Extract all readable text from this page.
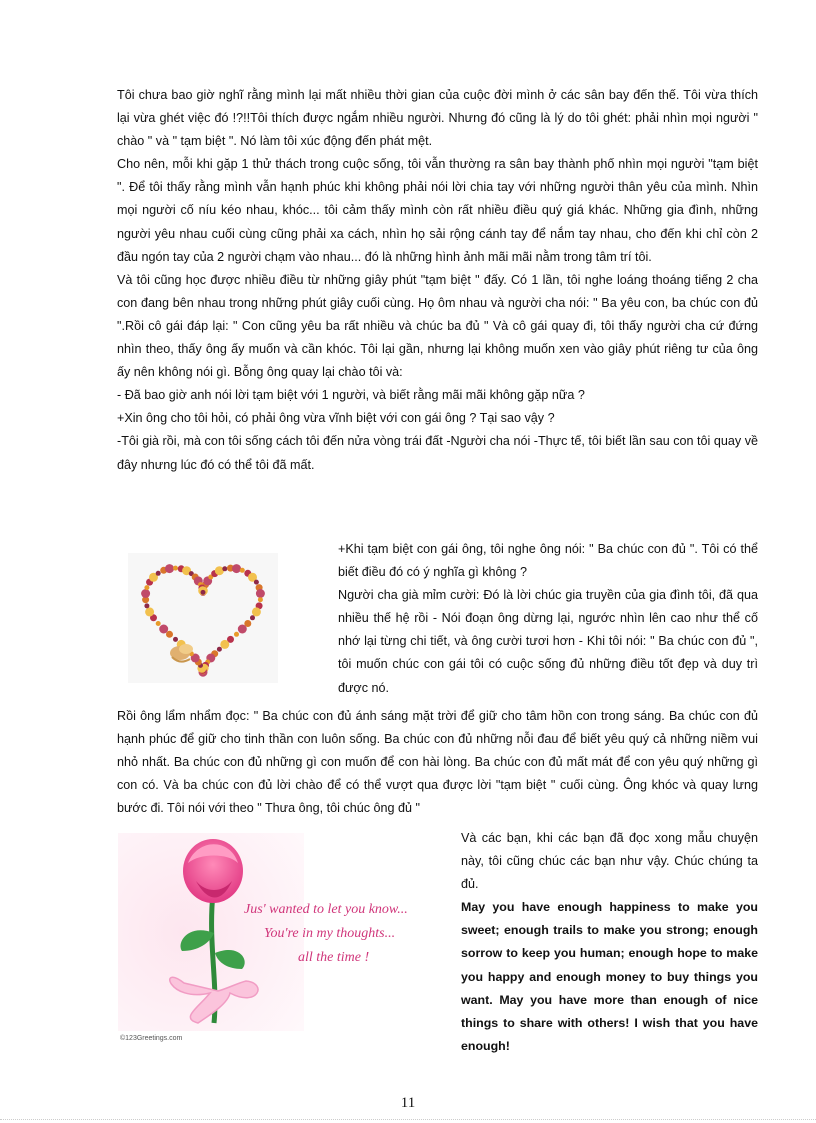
Tôi chưa bao giờ nghĩ rằng mình lại mất nhiều thời gian của cuộc đời mình ở các sân bay đến thế. Tôi vừa thích lại vừa ghét việc đó !?!!Tôi thích được ngắm nhiều người. Nhưng đó cũng là lý do tôi ghét: phải nhìn mọi người " chào " và " tạm biệt ". Nó làm tôi xúc động đến phát mệt.

Cho nên, mỗi khi gặp 1 thử thách trong cuộc sống, tôi vẫn thường ra sân bay thành phố nhìn mọi người "tạm biệt ". Để tôi thấy rằng mình vẫn hạnh phúc khi không phải nói lời chia tay với những người thân yêu của mình. Nhìn mọi người cố níu kéo nhau, khóc... tôi cảm thấy mình còn rất nhiều điều quý giá khác. Những gia đình, những người yêu nhau cuối cùng cũng phải xa cách, nhìn họ sải rộng cánh tay để nắm tay nhau, cho đến khi chỉ còn 2 đầu ngón tay của 2 người chạm vào nhau... đó là những hình ảnh mãi mãi nằm trong tâm trí tôi.

Và tôi cũng học được nhiều điều từ những giây phút "tạm biệt " đấy. Có 1 lần, tôi nghe loáng thoáng tiếng 2 cha con đang bên nhau trong những phút giây cuối cùng. Họ ôm nhau và người cha nói: " Ba yêu con, ba chúc con đủ ".Rồi cô gái đáp lại: " Con cũng yêu ba rất nhiều và chúc ba đủ " Và cô gái quay đi, tôi thấy người cha cứ đứng nhìn theo, thấy ông ấy muốn và cần khóc. Tôi lại gần, nhưng lại không muốn xen vào giây phút riêng tư của ông ấy nên không nói gì. Bỗng ông quay lại chào tôi và:

- Đã bao giờ anh nói lời tạm biệt với 1 người, và biết rằng mãi mãi không gặp nữa ?

+Xin ông cho tôi hỏi, có phải ông vừa vĩnh biệt với con gái ông ? Tại sao vậy ?

-Tôi già rồi, mà con tôi sống cách tôi đến nửa vòng trái đất -Người cha nói -Thực tế, tôi biết lần sau con tôi quay về đây nhưng lúc đó có thể tôi đã mất.

+Khi tạm biệt con gái ông, tôi nghe ông nói: " Ba chúc con đủ ". Tôi có thể biết điều đó có ý nghĩa gì không ?

Người cha già mỉm cười: Đó là lời chúc gia truyền của gia đình tôi, đã qua nhiều thế hệ rồi - Nói đoạn ông dừng lại, ngước nhìn lên cao như thể cố nhớ lại từng chi tiết, và ông cười tươi hơn - Khi tôi nói: " Ba chúc con đủ ", tôi muốn chúc con gái tôi có cuộc sống đủ những điều tốt đẹp và duy trì được nó.

Rồi ông lẩm nhẩm đọc: " Ba chúc con đủ ánh sáng mặt trời để giữ cho tâm hồn con trong sáng. Ba chúc con đủ hạnh phúc để giữ cho tinh thần con luôn sống. Ba chúc con đủ những nỗi đau để biết yêu quý cả những niềm vui nhỏ nhất. Ba chúc con đủ những gì con muốn để con hài lòng. Ba chúc con đủ mất mát để con yêu quý những gì con có. Và ba chúc con đủ lời chào để có thể vượt qua được lời "tạm biệt " cuối cùng. Ông khóc và quay lưng bước đi. Tôi nói với theo " Thưa ông, tôi chúc ông đủ "

Jus' wanted to let you know...
You're in my thoughts...
all the time !
©123Greetings.com

Và các bạn, khi các bạn đã đọc xong mẫu chuyện này, tôi cũng chúc các bạn như vậy. Chúc chúng ta đủ.

May you have enough happiness to make you sweet; enough trails to make you strong; enough sorrow to keep you human; enough hope to make you happy and enough money to buy things you want. May you have more than enough of nice things to share with others! I wish that you have enough!

11
